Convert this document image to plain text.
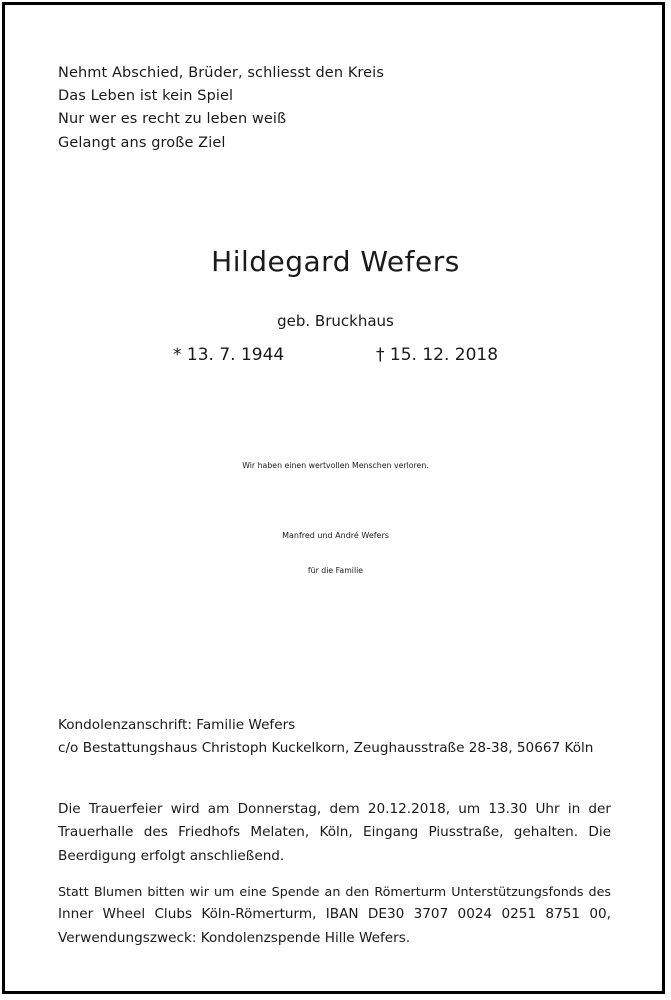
Nehmt Abschied, Brüder, schliesst den Kreis
Das Leben ist kein Spiel
Nur wer es recht zu leben weiß
Gelangt ans große Ziel
Hildegard Wefers
geb. Bruckhaus
* 13. 7. 1944	† 15. 12. 2018
Wir haben einen wertvollen Menschen verloren.
Manfred und André Wefers
für die Familie
Kondolenzanschrift: Familie Wefers
c/o Bestattungshaus Christoph Kuckelkorn, Zeughausstraße 28-38, 50667 Köln
Die Trauerfeier wird am Donnerstag, dem 20.12.2018, um 13.30 Uhr in der
Trauerhalle des Friedhofs Melaten, Köln, Eingang Piusstraße, gehalten. Die
Beerdigung erfolgt anschließend.
Statt Blumen bitten wir um eine Spende an den Römerturm Unterstützungsfonds des
Inner Wheel Clubs Köln-Römerturm, IBAN DE30 3707 0024 0251 8751 00,
Verwendungszweck: Kondolenzspende Hille Wefers.
